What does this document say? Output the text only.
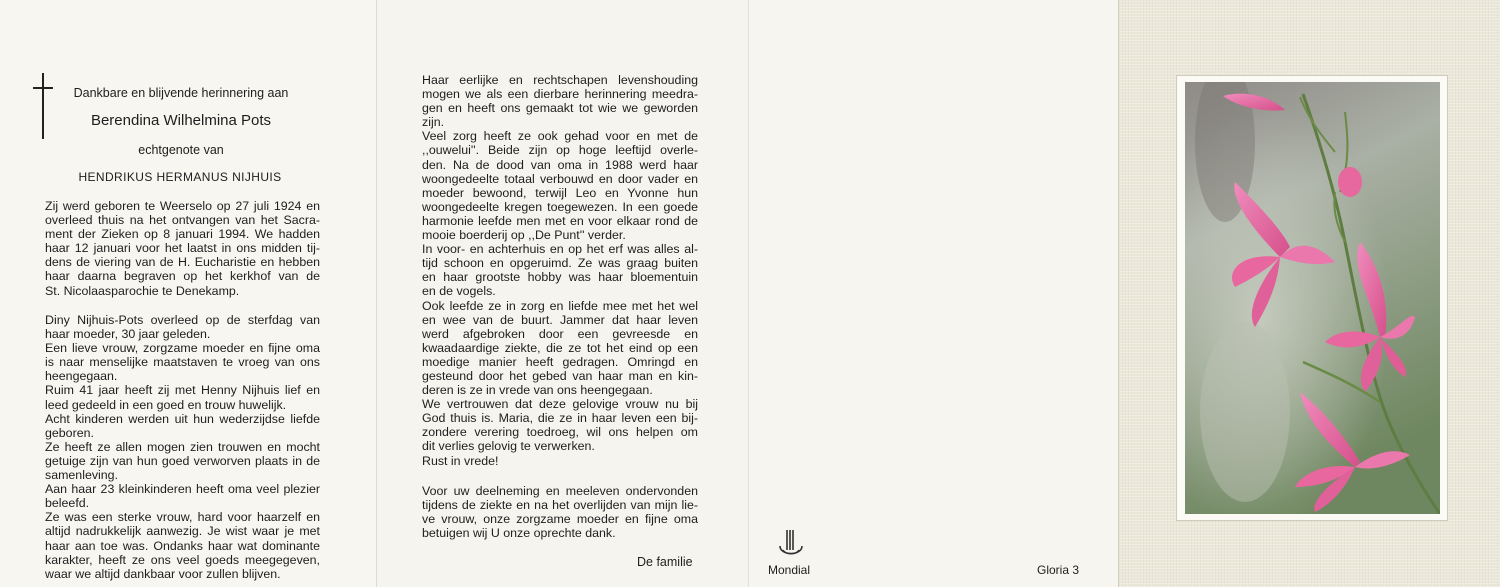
Dankbare en blijvende herinnering aan
Berendina Wilhelmina Pots
echtgenote van
HENDRIKUS HERMANUS NIJHUIS
Zij werd geboren te Weerselo op 27 juli 1924 en
overleed thuis na het ontvangen van het Sacra-
ment der Zieken op 8 januari 1994. We hadden
haar 12 januari voor het laatst in ons midden tij-
dens de viering van de H. Eucharistie en hebben
haar daarna begraven op het kerkhof van de
St. Nicolaasparochie te Denekamp.
Diny Nijhuis-Pots overleed op de sterfdag van
haar moeder, 30 jaar geleden.
Een lieve vrouw, zorgzame moeder en fijne oma
is naar menselijke maatstaven te vroeg van ons
heengegaan.
Ruim 41 jaar heeft zij met Henny Nijhuis lief en
leed gedeeld in een goed en trouw huwelijk.
Acht kinderen werden uit hun wederzijdse liefde
geboren.
Ze heeft ze allen mogen zien trouwen en mocht
getuige zijn van hun goed verworven plaats in de
samenleving.
Aan haar 23 kleinkinderen heeft oma veel plezier
beleefd.
Ze was een sterke vrouw, hard voor haarzelf en
altijd nadrukkelijk aanwezig. Je wist waar je met
haar aan toe was. Ondanks haar wat dominante
karakter, heeft ze ons veel goeds meegegeven,
waar we altijd dankbaar voor zullen blijven.
Haar eerlijke en rechtschapen levenshouding
mogen we als een dierbare herinnering meedra-
gen en heeft ons gemaakt tot wie we geworden
zijn.
Veel zorg heeft ze ook gehad voor en met de
,,ouwelui''. Beide zijn op hoge leeftijd overle-
den. Na de dood van oma in 1988 werd haar
woongedeelte totaal verbouwd en door vader en
moeder bewoond, terwijl Leo en Yvonne hun
woongedeelte kregen toegewezen. In een goede
harmonie leefde men met en voor elkaar rond de
mooie boerderij op ,,De Punt'' verder.
In voor- en achterhuis en op het erf was alles al-
tijd schoon en opgeruimd. Ze was graag buiten
en haar grootste hobby was haar bloementuin
en de vogels.
Ook leefde ze in zorg en liefde mee met het wel
en wee van de buurt. Jammer dat haar leven
werd afgebroken door een gevreesde en
kwaadaardige ziekte, die ze tot het eind op een
moedige manier heeft gedragen. Omringd en
gesteund door het gebed van haar man en kin-
deren is ze in vrede van ons heengegaan.
We vertrouwen dat deze gelovige vrouw nu bij
God thuis is. Maria, die ze in haar leven een bij-
zondere verering toedroeg, wil ons helpen om
dit verlies gelovig te verwerken.
Rust in vrede!
Voor uw deelneming en meeleven ondervonden
tijdens de ziekte en na het overlijden van mijn lie-
ve vrouw, onze zorgzame moeder en fijne oma
betuigen wij U onze oprechte dank.
De familie
Mondial	Gloria 3
